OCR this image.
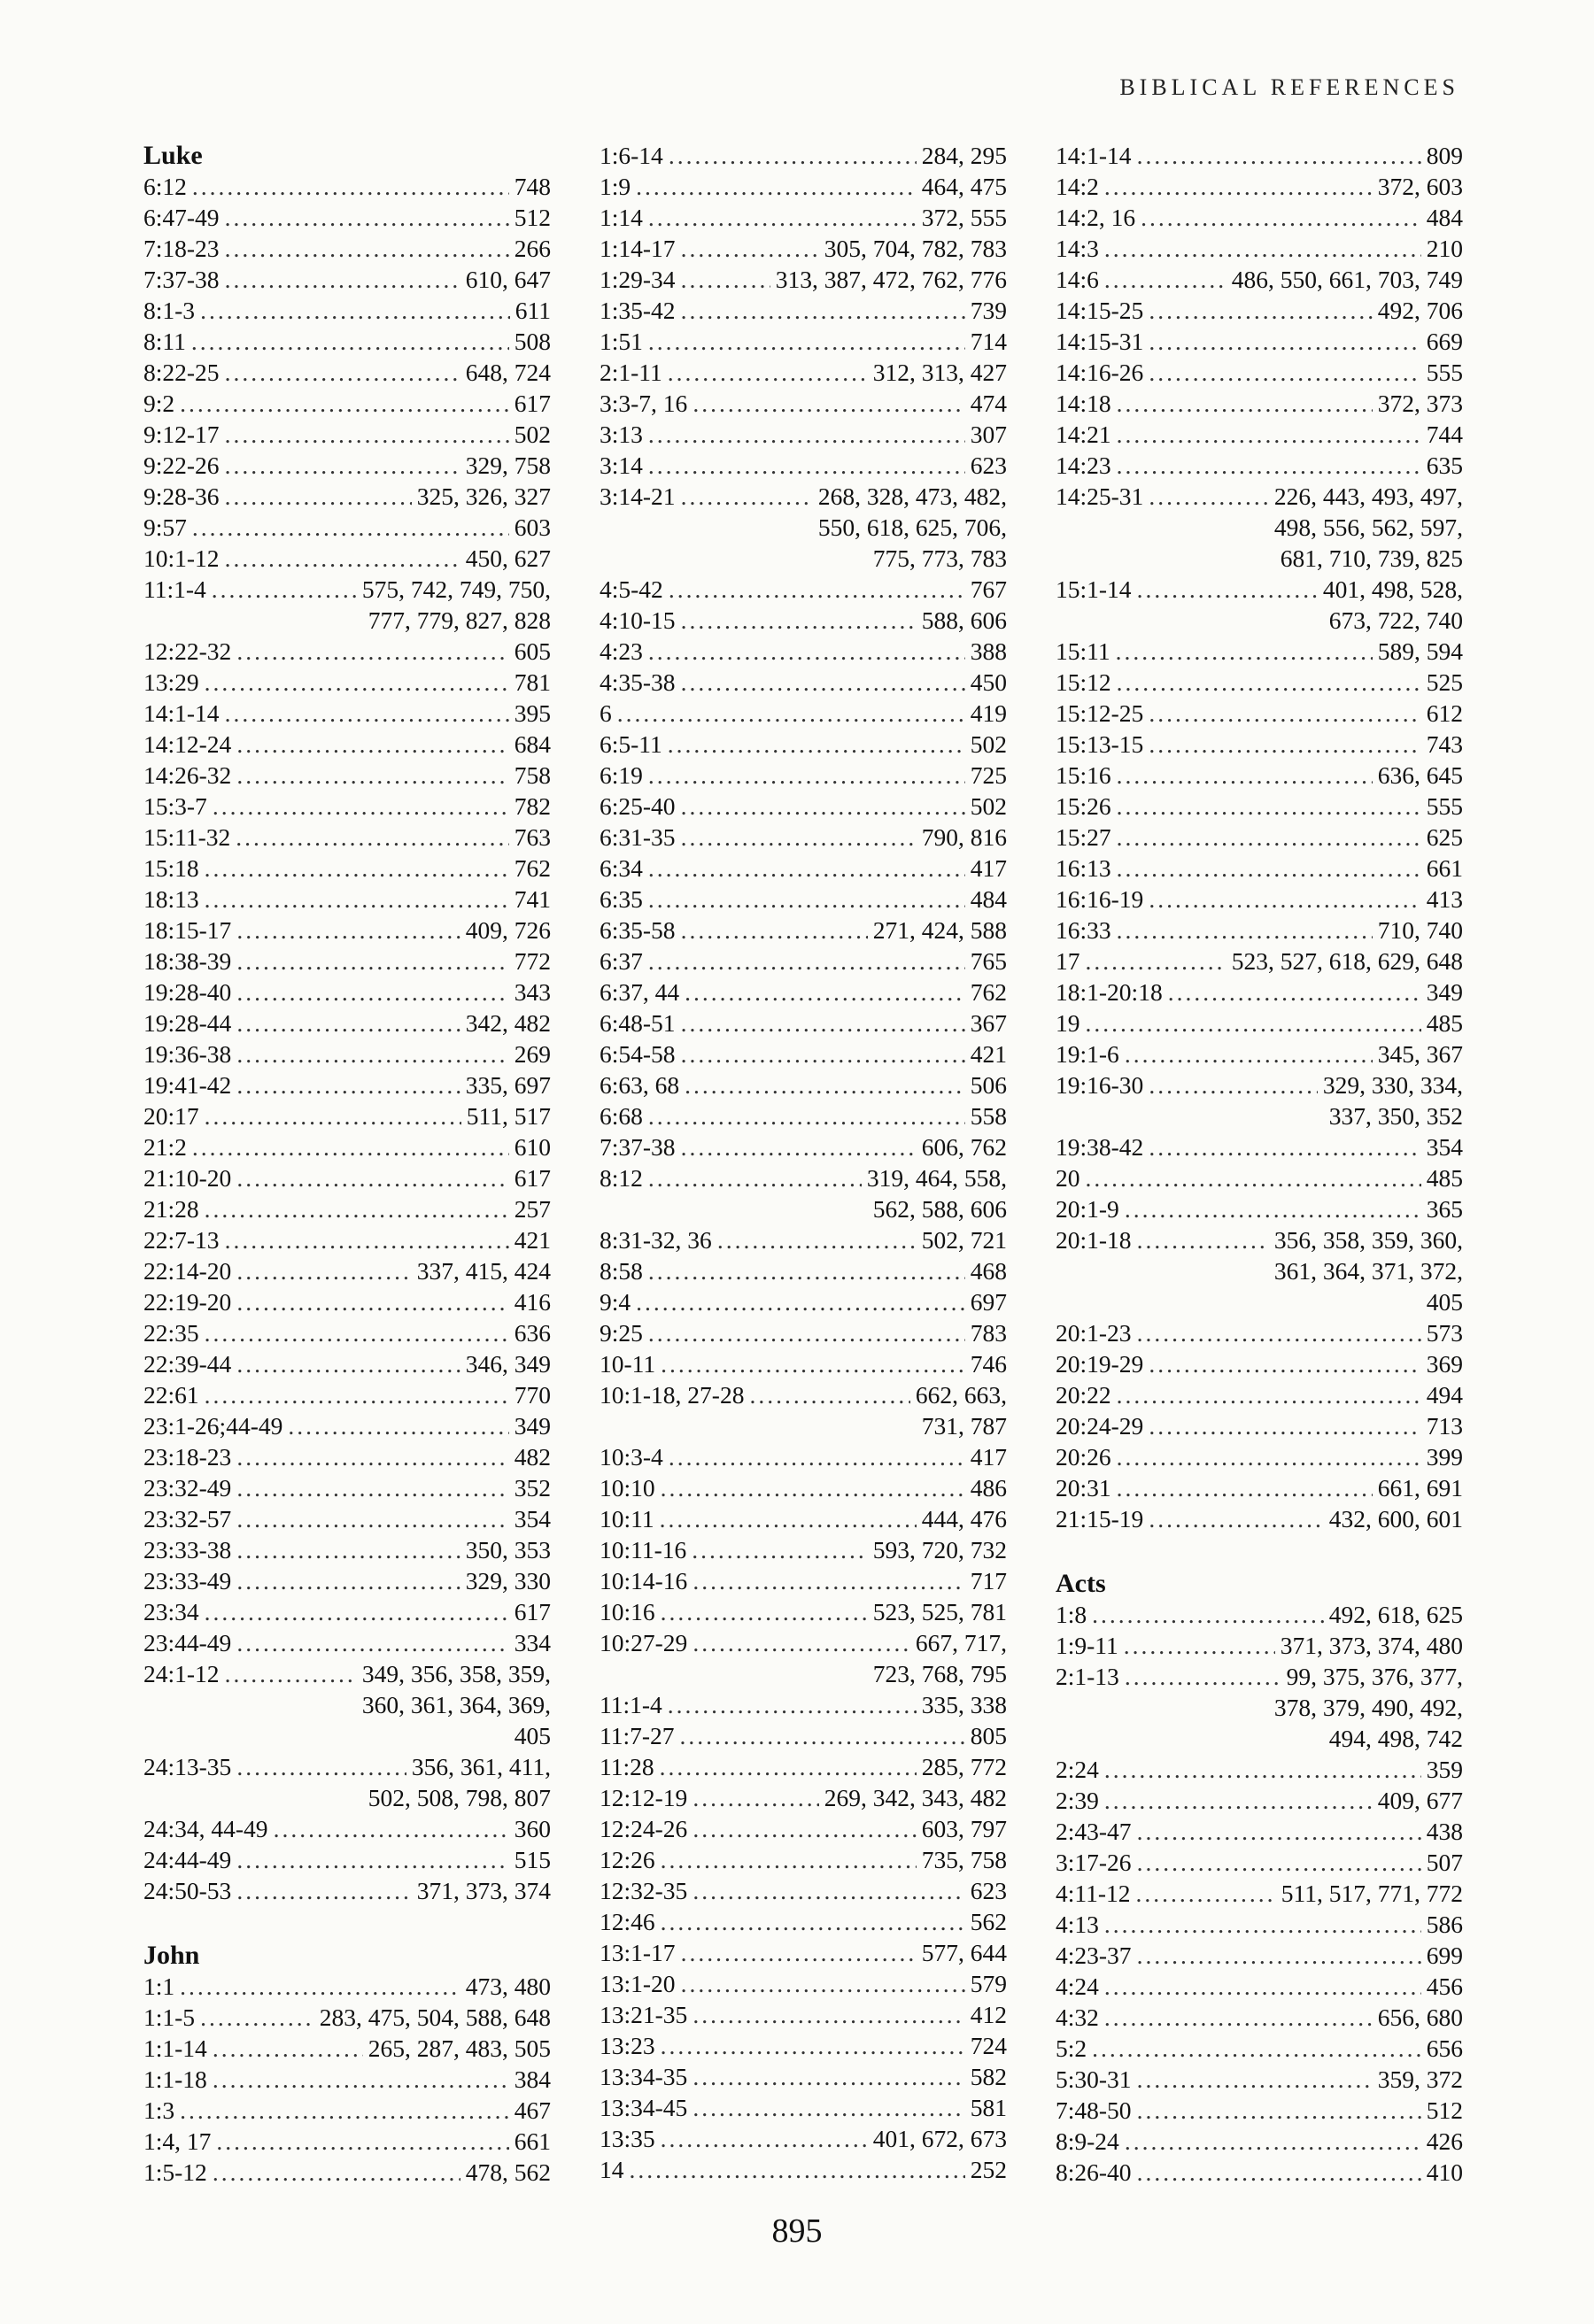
BIBLICAL REFERENCES
Luke
6:12 .....	748
6:47-49 .....	512
7:18-23 .....	266
7:37-38 .....	610, 647
8:1-3 .....	611
8:11 .....	508
8:22-25 .....	648, 724
9:2 .....	617
9:12-17 .....	502
9:22-26 .....	329, 758
9:28-36 .....	325, 326, 327
9:57 .....	603
10:1-12 .....	450, 627
11:1-4 .....	575, 742, 749, 750,
777, 779, 827, 828
12:22-32 .....	605
13:29 .....	781
14:1-14 .....	395
14:12-24 .....	684
14:26-32 .....	758
15:3-7 .....	782
15:11-32 .....	763
15:18 .....	762
18:13 .....	741
18:15-17 .....	409, 726
18:38-39 .....	772
19:28-40 .....	343
19:28-44 .....	342, 482
19:36-38 .....	269
19:41-42 .....	335, 697
20:17 .....	511, 517
21:2 .....	610
21:10-20 .....	617
21:28 .....	257
22:7-13 .....	421
22:14-20 .....	337, 415, 424
22:19-20 .....	416
22:35 .....	636
22:39-44 .....	346, 349
22:61 .....	770
23:1-26;44-49 .....	349
23:18-23 .....	482
23:32-49 .....	352
23:32-57 .....	354
23:33-38 .....	350, 353
23:33-49 .....	329, 330
23:34 .....	617
23:44-49 .....	334
24:1-12 .....	349, 356, 358, 359,
360, 361, 364, 369,
405
24:13-35 .....	356, 361, 411,
502, 508, 798, 807
24:34, 44-49 .....	360
24:44-49 .....	515
24:50-53 .....	371, 373, 374
John
1:1 .....	473, 480
1:1-5 .....	283, 475, 504, 588, 648
1:1-14 .....	265, 287, 483, 505
1:1-18 .....	384
1:3 .....	467
1:4, 17 .....	661
1:5-12 .....	478, 562
1:6-14 .....	284, 295
1:9 .....	464, 475
1:14 .....	372, 555
1:14-17 .....	305, 704, 782, 783
1:29-34 .....	313, 387, 472, 762, 776
1:35-42 .....	739
1:51 .....	714
2:1-11 .....	312, 313, 427
3:3-7, 16 .....	474
3:13 .....	307
3:14 .....	623
3:14-21 .....	268, 328, 473, 482,
550, 618, 625, 706,
775, 773, 783
4:5-42 .....	767
4:10-15 .....	588, 606
4:23 .....	388
4:35-38 .....	450
6 .....	419
6:5-11 .....	502
6:19 .....	725
6:25-40 .....	502
6:31-35 .....	790, 816
6:34 .....	417
6:35 .....	484
6:35-58 .....	271, 424, 588
6:37 .....	765
6:37, 44 .....	762
6:48-51 .....	367
6:54-58 .....	421
6:63, 68 .....	506
6:68 .....	558
7:37-38 .....	606, 762
8:12 .....	319, 464, 558,
562, 588, 606
8:31-32, 36 .....	502, 721
8:58 .....	468
9:4 .....	697
9:25 .....	783
10-11 .....	746
10:1-18, 27-28 .....	662, 663,
731, 787
10:3-4 .....	417
10:10 .....	486
10:11 .....	444, 476
10:11-16 .....	593, 720, 732
10:14-16 .....	717
10:16 .....	523, 525, 781
10:27-29 .....	667, 717,
723, 768, 795
11:1-4 .....	335, 338
11:7-27 .....	805
11:28 .....	285, 772
12:12-19 .....	269, 342, 343, 482
12:24-26 .....	603, 797
12:26 .....	735, 758
12:32-35 .....	623
12:46 .....	562
13:1-17 .....	577, 644
13:1-20 .....	579
13:21-35 .....	412
13:23 .....	724
13:34-35 .....	582
13:34-45 .....	581
13:35 .....	401, 672, 673
14 .....	252
14:1-14 .....	809
14:2 .....	372, 603
14:2, 16 .....	484
14:3 .....	210
14:6 .....	486, 550, 661, 703, 749
14:15-25 .....	492, 706
14:15-31 .....	669
14:16-26 .....	555
14:18 .....	372, 373
14:21 .....	744
14:23 .....	635
14:25-31 .....	226, 443, 493, 497,
498, 556, 562, 597,
681, 710, 739, 825
15:1-14 .....	401, 498, 528,
673, 722, 740
15:11 .....	589, 594
15:12 .....	525
15:12-25 .....	612
15:13-15 .....	743
15:16 .....	636, 645
15:26 .....	555
15:27 .....	625
16:13 .....	661
16:16-19 .....	413
16:33 .....	710, 740
17 .....	523, 527, 618, 629, 648
18:1-20:18 .....	349
19 .....	485
19:1-6 .....	345, 367
19:16-30 .....	329, 330, 334,
337, 350, 352
19:38-42 .....	354
20 .....	485
20:1-9 .....	365
20:1-18 .....	356, 358, 359, 360,
361, 364, 371, 372,
405
20:1-23 .....	573
20:19-29 .....	369
20:22 .....	494
20:24-29 .....	713
20:26 .....	399
20:31 .....	661, 691
21:15-19 .....	432, 600, 601
Acts
1:8 .....	492, 618, 625
1:9-11 .....	371, 373, 374, 480
2:1-13 .....	99, 375, 376, 377,
378, 379, 490, 492,
494, 498, 742
2:24 .....	359
2:39 .....	409, 677
2:43-47 .....	438
3:17-26 .....	507
4:11-12 .....	511, 517, 771, 772
4:13 .....	586
4:23-37 .....	699
4:24 .....	456
4:32 .....	656, 680
5:2 .....	656
5:30-31 .....	359, 372
7:48-50 .....	512
8:9-24 .....	426
8:26-40 .....	410
895
